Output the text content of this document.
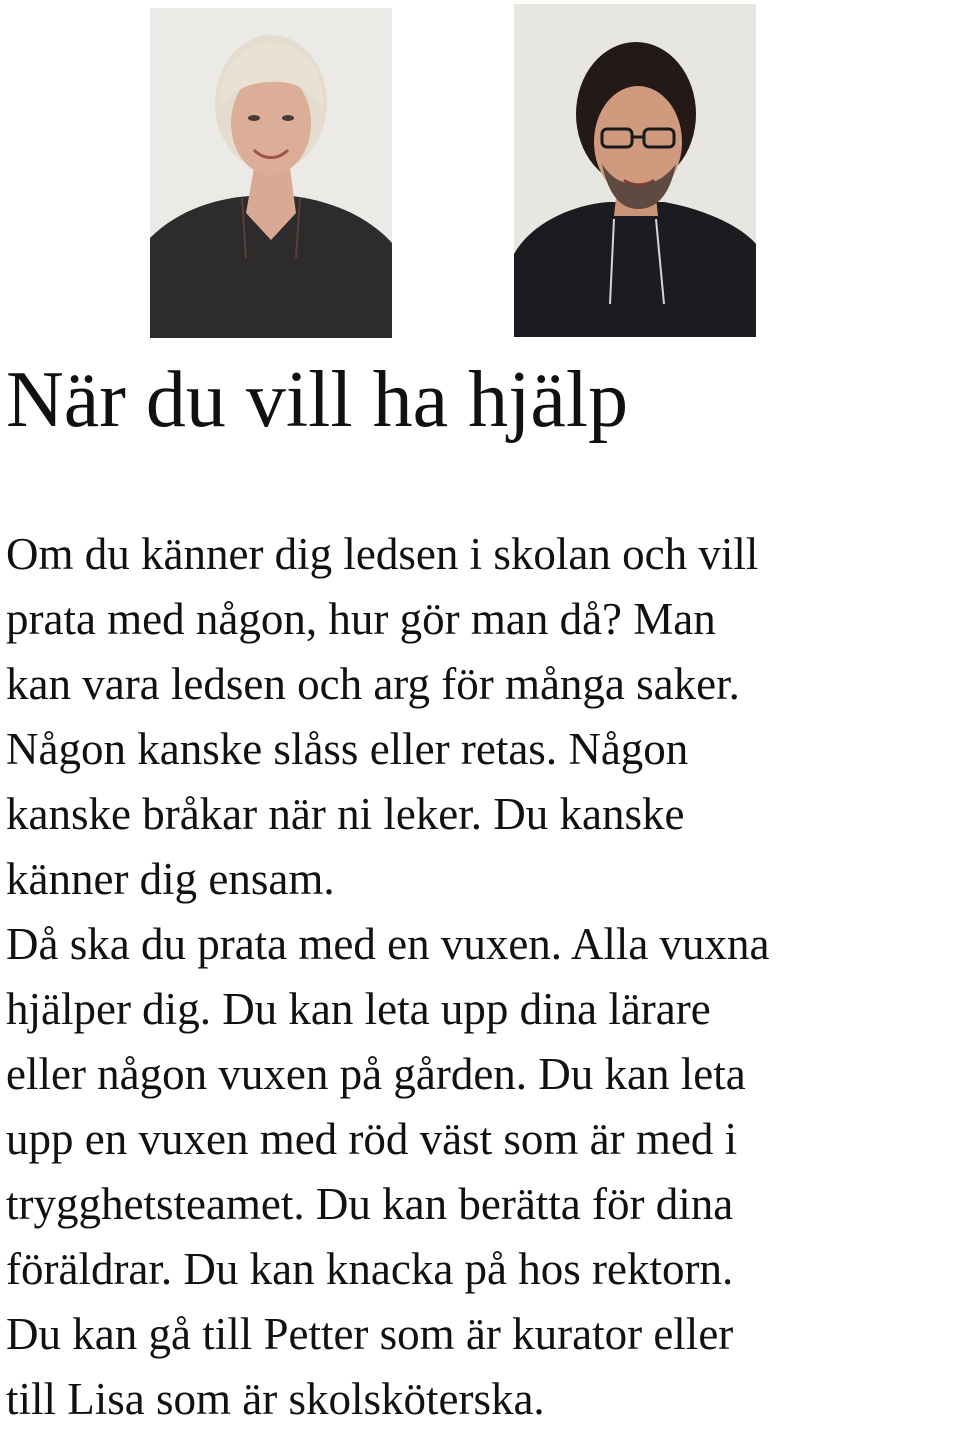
När du vill ha hjälp
Om du känner dig ledsen i skolan och vill
prata med någon, hur gör man då? Man
kan vara ledsen och arg för många saker.
Någon kanske slåss eller retas. Någon
kanske bråkar när ni leker. Du kanske
känner dig ensam.
Då ska du prata med en vuxen. Alla vuxna
hjälper dig. Du kan leta upp dina lärare
eller någon vuxen på gården. Du kan leta
upp en vuxen med röd väst som är med i
trygghetsteamet. Du kan berätta för dina
föräldrar. Du kan knacka på hos rektorn.
Du kan gå till Petter som är kurator eller
till Lisa som är skolsköterska.
